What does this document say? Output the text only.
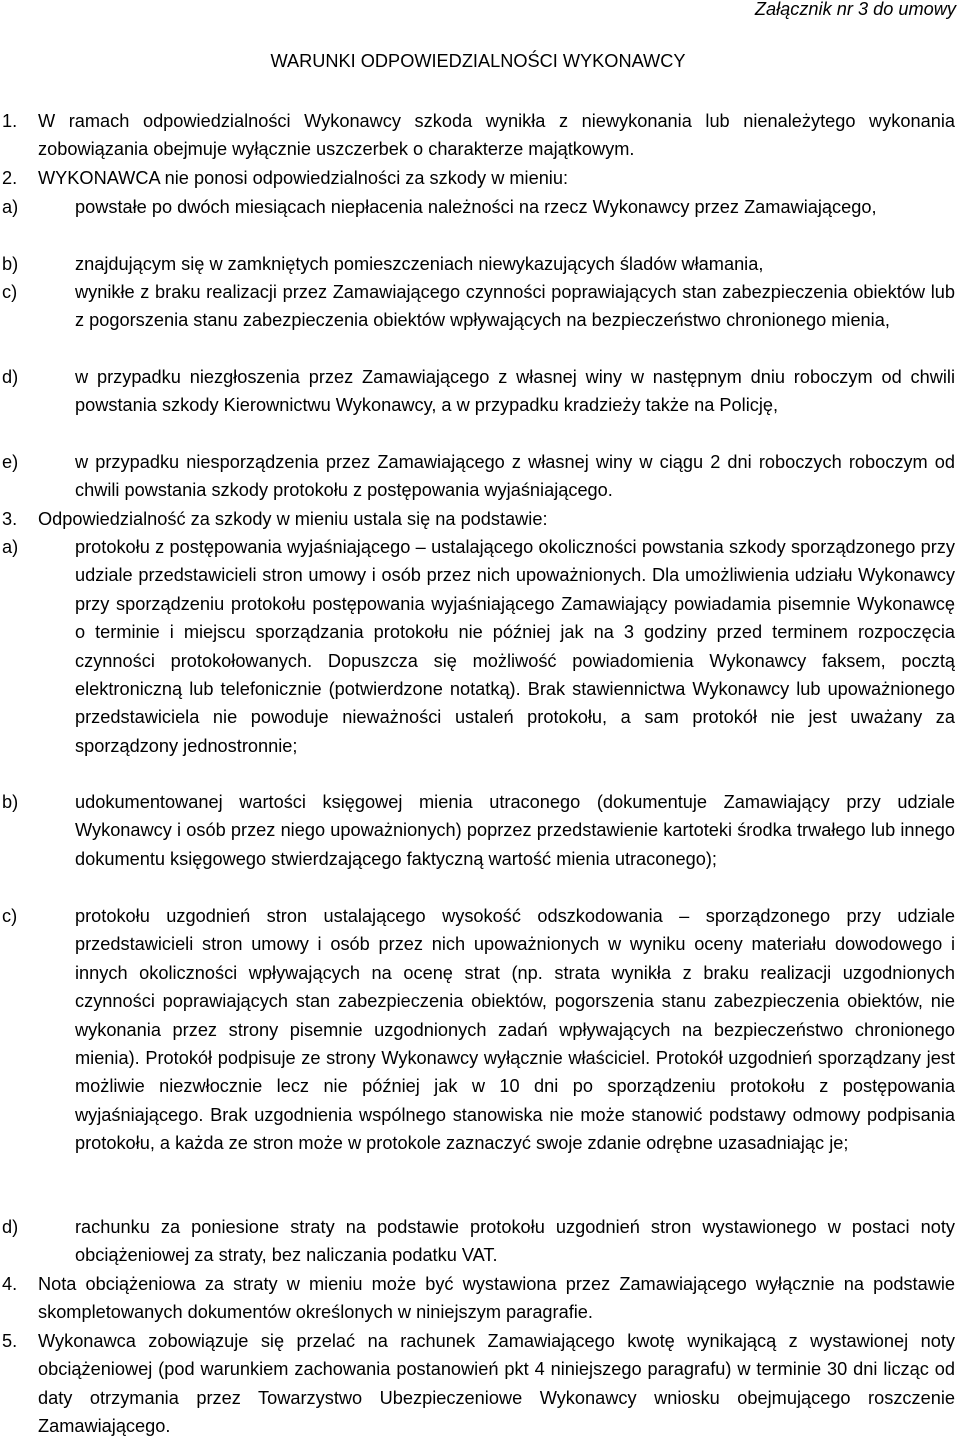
Załącznik nr 3 do umowy
WARUNKI ODPOWIEDZIALNOŚCI WYKONAWCY
1.	W ramach odpowiedzialności Wykonawcy szkoda wynikła z niewykonania lub nienależytego wykonania zobowiązania obejmuje wyłącznie uszczerbek o charakterze majątkowym.
2.	WYKONAWCA nie ponosi odpowiedzialności za szkody w mieniu:
a)	powstałe po dwóch miesiącach niepłacenia należności na rzecz Wykonawcy przez Zamawiającego,
b)	znajdującym się w zamkniętych pomieszczeniach niewykazujących śladów włamania,
c)	wynikłe z braku realizacji przez Zamawiającego czynności poprawiających stan zabezpieczenia obiektów lub z pogorszenia stanu zabezpieczenia obiektów wpływających na bezpieczeństwo chronionego mienia,
d)	w przypadku niezgłoszenia przez Zamawiającego z własnej winy w następnym dniu roboczym od chwili powstania szkody Kierownictwu Wykonawcy, a w przypadku kradzieży także na Policję,
e)	w przypadku niesporządzenia przez Zamawiającego z własnej winy w ciągu 2 dni roboczych roboczym od chwili powstania szkody protokołu z postępowania wyjaśniającego.
3.	Odpowiedzialność za szkody w mieniu ustala się na podstawie:
a)	protokołu z postępowania wyjaśniającego – ustalającego okoliczności powstania szkody sporządzonego przy udziale przedstawicieli stron umowy i osób przez nich upoważnionych. Dla umożliwienia udziału Wykonawcy przy sporządzeniu protokołu postępowania wyjaśniającego Zamawiający powiadamia pisemnie Wykonawcę o terminie i miejscu sporządzania protokołu nie później jak na 3 godziny przed terminem rozpoczęcia czynności protokołowanych. Dopuszcza się możliwość powiadomienia Wykonawcy faksem, pocztą elektroniczną lub telefonicznie (potwierdzone notatką). Brak stawiennictwa Wykonawcy lub upoważnionego przedstawiciela nie powoduje nieważności ustaleń protokołu, a sam protokół nie jest uważany za sporządzony jednostronnie;
b)	udokumentowanej wartości księgowej mienia utraconego (dokumentuje Zamawiający przy udziale Wykonawcy i osób przez niego upoważnionych) poprzez przedstawienie kartoteki środka trwałego lub innego dokumentu księgowego stwierdzającego faktyczną wartość mienia utraconego);
c)	protokołu uzgodnień stron ustalającego wysokość odszkodowania – sporządzonego przy udziale przedstawicieli stron umowy i osób przez nich upoważnionych w wyniku oceny materiału dowodowego i innych okoliczności wpływających na ocenę strat (np. strata wynikła z braku realizacji uzgodnionych czynności poprawiających stan zabezpieczenia obiektów, pogorszenia stanu zabezpieczenia obiektów, nie wykonania przez strony pisemnie uzgodnionych zadań wpływających na bezpieczeństwo chronionego mienia). Protokół podpisuje ze strony Wykonawcy wyłącznie właściciel. Protokół uzgodnień sporządzany jest możliwie niezwłocznie lecz nie później jak w 10 dni po sporządzeniu protokołu z postępowania wyjaśniającego. Brak uzgodnienia wspólnego stanowiska nie może stanowić podstawy odmowy podpisania protokołu, a każda ze stron może w protokole zaznaczyć swoje zdanie odrębne uzasadniając je;
d)	rachunku za poniesione straty na podstawie protokołu uzgodnień stron wystawionego w postaci noty obciążeniowej za straty, bez naliczania podatku VAT.
4.	Nota obciążeniowa za straty w mieniu może być wystawiona przez Zamawiającego wyłącznie na podstawie skompletowanych dokumentów określonych w niniejszym paragrafie.
5.	Wykonawca zobowiązuje się przelać na rachunek Zamawiającego kwotę wynikającą z wystawionej noty obciążeniowej (pod warunkiem zachowania postanowień pkt 4 niniejszego paragrafu) w terminie 30 dni licząc od daty otrzymania przez Towarzystwo Ubezpieczeniowe Wykonawcy wniosku obejmującego roszczenie Zamawiającego.
